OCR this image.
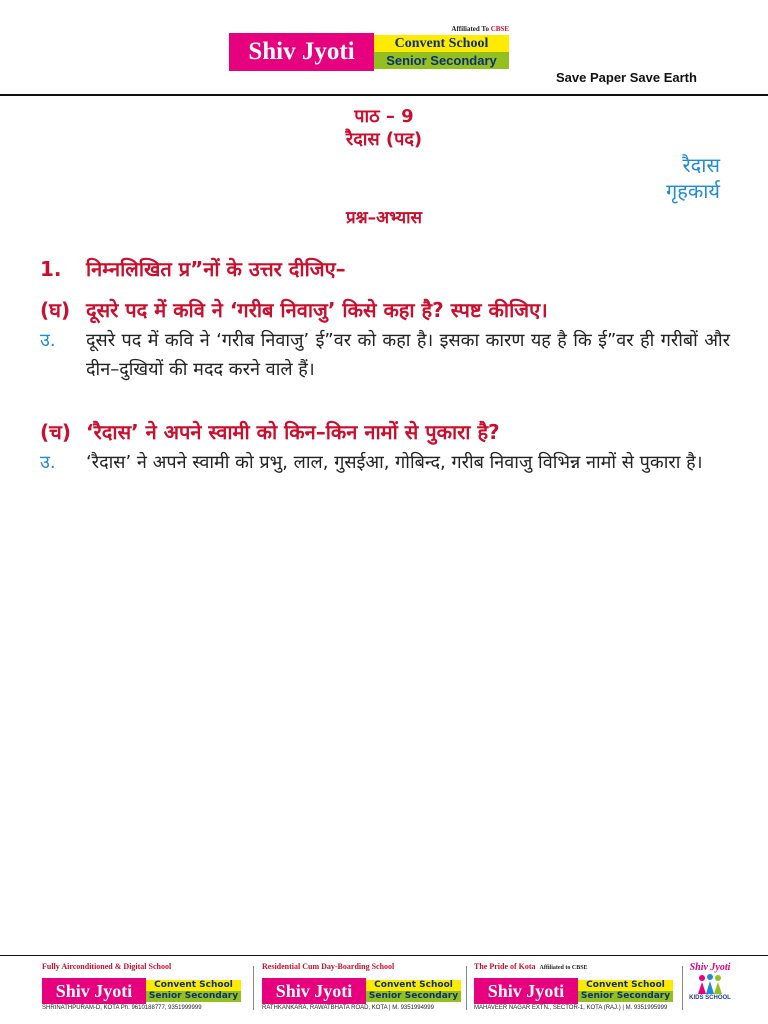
Affiliated To CBSE
Shiv Jyoti	Convent School
Senior Secondary
Save Paper Save Earth
पाठ – 9
रैदास (पद)
रैदास
गृहकार्य
प्रश्न–अभ्यास
1. निम्नलिखित प्र”नों के उत्तर दीजिए–
(घ) दूसरे पद में कवि ने ‘गरीब निवाजु’ किसे कहा है? स्पष्ट कीजिए।
उ. दूसरे पद में कवि ने ‘गरीब निवाजु’ ई”वर को कहा है। इसका कारण यह है कि ई”वर ही गरीबों और दीन–दुखियों की मदद करने वाले हैं।
(च) ‘रैदास’ ने अपने स्वामी को किन–किन नामों से पुकारा है?
उ. ‘रैदास’ ने अपने स्वामी को प्रभु, लाल, गुसईआ, गोबिन्द, गरीब निवाजु विभिन्न नामों से पुकारा है।
Fully Airconditioned & Digital School
Shiv Jyoti	Convent School
Senior Secondary
SHRINATHPURAM-D, KOTA Ph. 9610188777, 9351999999
Residential Cum Day-Boarding School
Shiv Jyoti	Convent School
Senior Secondary
RATHKANKARA, RAWATBHATA ROAD, KOTA | M. 9351994999
The Pride of Kota Affiliated to CBSE
Shiv Jyoti	Convent School
Senior Secondary
MAHAVEER NAGAR EXTN., SECTOR-1, KOTA (RAJ.) | M. 9351995999
Shiv Jyoti
KIDS SCHOOL
